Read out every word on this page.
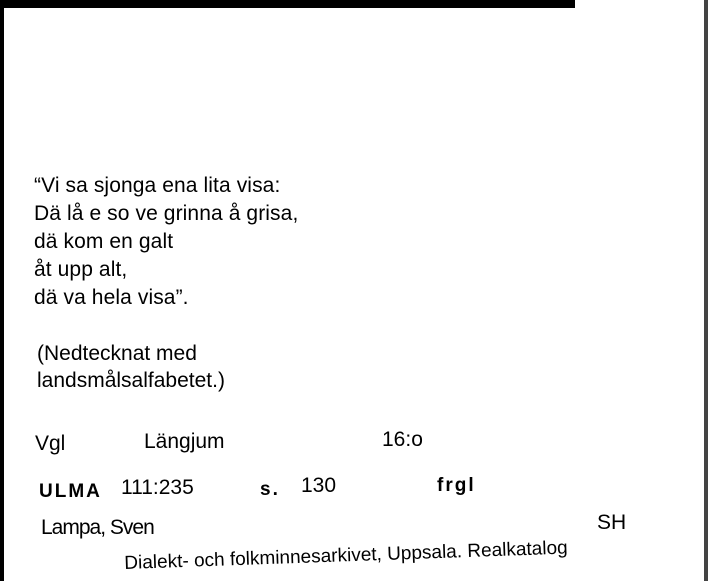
“Vi sa sjonga ena lita visa:
Dä lå e so ve grinna å grisa,
dä kom en galt
åt upp alt,
dä va hela visa”.
(Nedtecknat med
landsmålsalfabetet.)
Vgl	Längjum	16:o
ULMA 111:235	s. 130	frgl
Lampa, Sven	SH
Dialekt- och folkminnesarkivet, Uppsala. Realkatalog
